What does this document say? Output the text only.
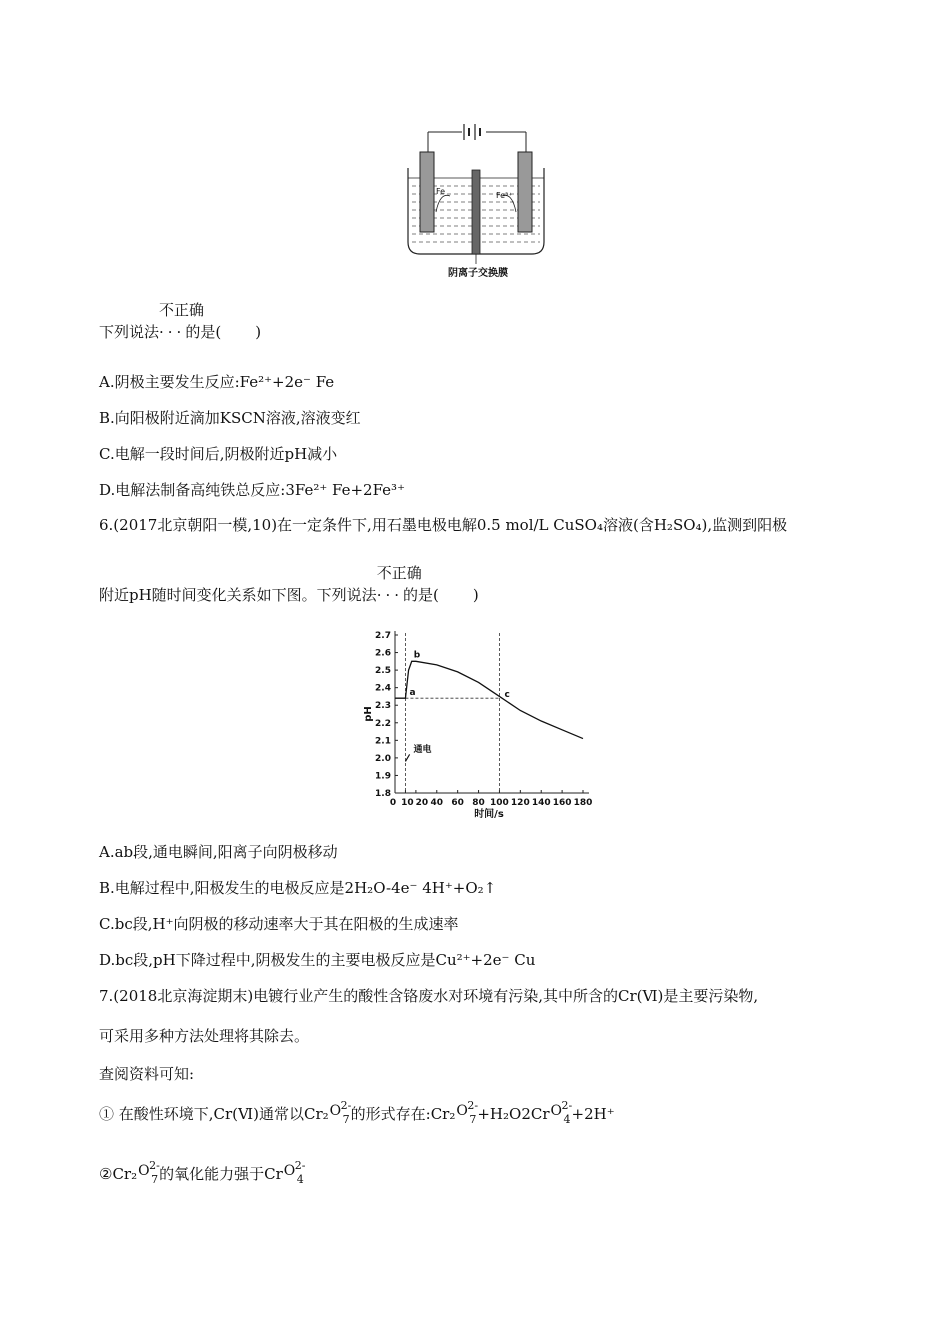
Fe	Fe³⁺
阴离子交换膜
下列说法
不正确
···的是( )
A.阴极主要发生反应:Fe²⁺+2e⁻ Fe
B.向阳极附近滴加KSCN溶液,溶液变红
C.电解一段时间后,阴极附近pH减小
D.电解法制备高纯铁总反应:3Fe²⁺ Fe+2Fe³⁺
6.(2017北京朝阳一模,10)在一定条件下,用石墨电极电解0.5 mol/L CuSO₄溶液(含H₂SO₄),监测到阳极
附近pH随时间变化关系如下图。下列说法
不正确
···的是( )
1.8
1.9
2.0
2.1
2.2
2.3
2.4
2.5
2.6
2.7
0 10 20 40 60 80 100 120 140 160 180
时间/s
pH
a
b
c
通电
A.ab段,通电瞬间,阳离子向阴极移动
B.电解过程中,阳极发生的电极反应是2H₂O-4e⁻ 4H⁺+O₂↑
C.bc段,H⁺向阴极的移动速率大于其在阳极的生成速率
D.bc段,pH下降过程中,阴极发生的主要电极反应是Cu²⁺+2e⁻ Cu
7.(2018北京海淀期末)电镀行业产生的酸性含铬废水对环境有污染,其中所含的Cr(Ⅵ)是主要污染物,
可采用多种方法处理将其除去。
查阅资料可知:
① 在酸性环境下,Cr(Ⅵ)通常以Cr₂ O 2
7
- 的形式存在:Cr₂ O 2
7
- +H₂O2Cr O 2
4
- +2H⁺
②Cr₂ O 2
7
- 的氧化能力强于Cr O 2
4
-
